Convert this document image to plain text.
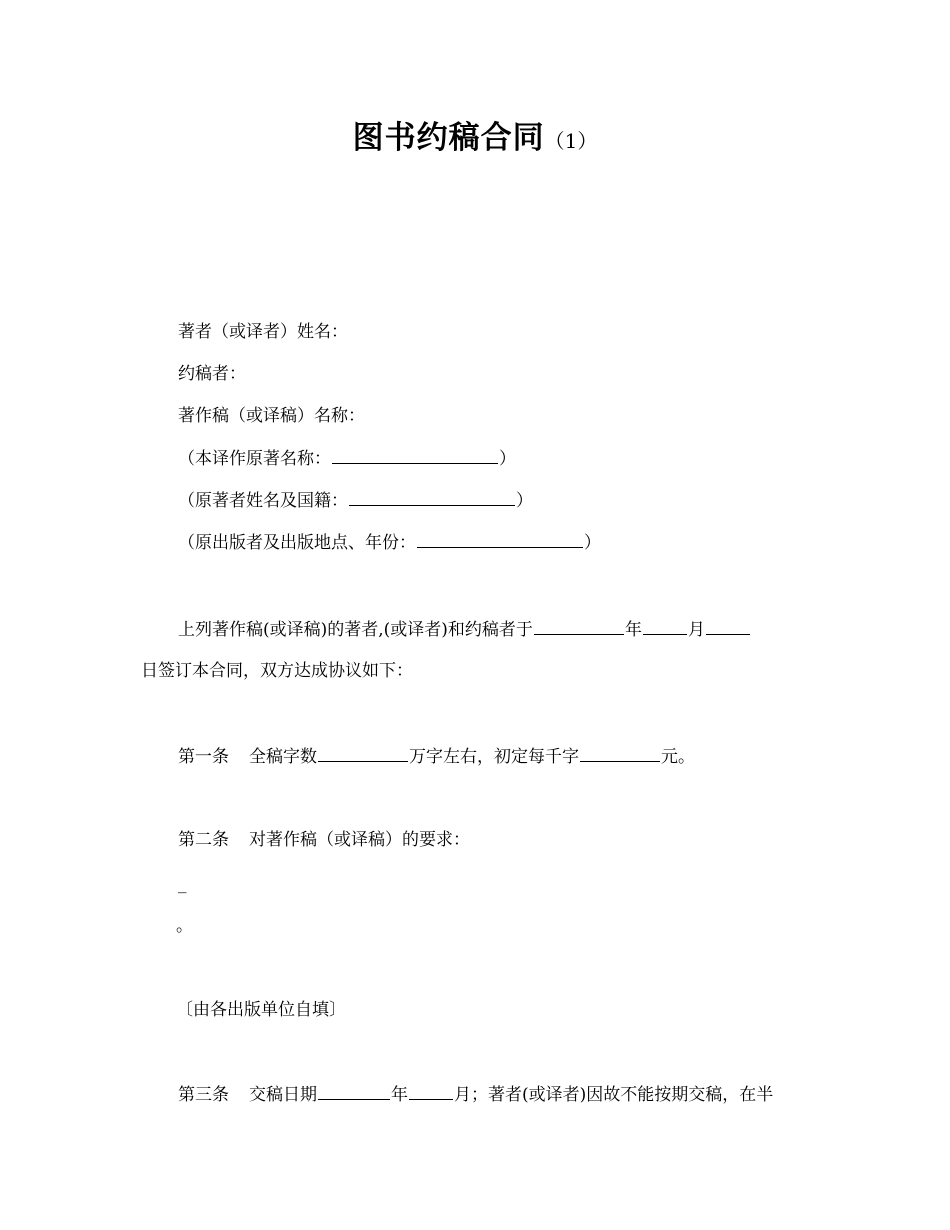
图书约稿合同（1）
著者（或译者）姓名：
约稿者：
著作稿（或译稿）名称：
（本译作原著名称：	）
（原著者姓名及国籍：	）
（原出版者及出版地点、年份：	）
上列著作稿(或译稿)的著者,(或译者)和约稿者于	年	月
日签订本合同，双方达成协议如下：
第一条 全稿字数	万字左右，初定每千字	元。
第二条 对著作稿（或译稿）的要求：
_
。
〔由各出版单位自填〕
第三条 交稿日期	年	月；著者(或译者)因故不能按期交稿，在半
